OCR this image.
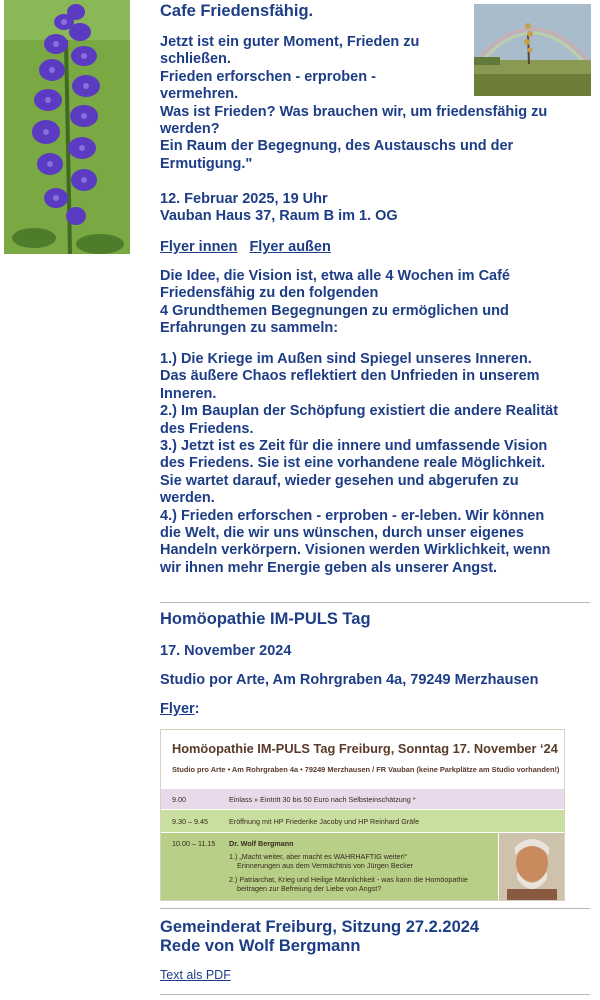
Cafe Friedensfähig.

Jetzt ist ein guter Moment, Frieden zu

schließen.

Frieden erforschen - erproben -

vermehren.

Was ist Frieden? Was brauchen wir, um friedensfähig zu

werden?

Ein Raum der Begegnung, des Austauschs und der

Ermutigung."

12. Februar 2025, 19 Uhr

Vauban Haus 37, Raum B im 1. OG

Flyer innen Flyer außen

Die Idee, die Vision ist, etwa alle 4 Wochen im Café

Friedensfähig zu den folgenden

4 Grundthemen Begegnungen zu ermöglichen und

Erfahrungen zu sammeln:

1.) Die Kriege im Außen sind Spiegel unseres Inneren.

Das äußere Chaos reflektiert den Unfrieden in unserem

Inneren.

2.) Im Bauplan der Schöpfung existiert die andere Realität

des Friedens.

3.) Jetzt ist es Zeit für die innere und umfassende Vision

des Friedens. Sie ist eine vorhandene reale Möglichkeit.

Sie wartet darauf, wieder gesehen und abgerufen zu

werden.

4.) Frieden erforschen - erproben - er-leben. Wir können

die Welt, die wir uns wünschen, durch unser eigenes

Handeln verkörpern. Visionen werden Wirklichkeit, wenn

wir ihnen mehr Energie geben als unserer Angst.

Homöopathie IM-PULS Tag

17. November 2024

Studio por Arte, Am Rohrgraben 4a, 79249 Merzhausen

Flyer:

Gemeinderat Freiburg, Sitzung 27.2.2024
Rede von Wolf Bergmann
Text als PDF
Homöopathie IM-PULS Tag Freiburg, Sonntag 17. November ‘24
Studio pro Arte • Am Rohrgraben 4a • 79249 Merzhausen / FR Vauban (keine Parkplätze am Studio vorhanden!)
9.00	Einlass » Eintritt 30 bis 50 Euro nach Selbsteinschätzung *
9.30 – 9.45	Eröffnung mit HP Friederike Jacoby und HP Reinhard Gräfe
10.00 – 11.15 Dr. Wolf Bergmann
1.) „Macht weiter, aber macht es WAHRHAFTIG weiter!“
Erinnerungen aus dem Vermächtnis von Jürgen Becker
2.) Patriarchat, Krieg und Heilige Männlichkeit - was kann die Homöopathie
beitragen zur Befreiung der Liebe von Angst?
